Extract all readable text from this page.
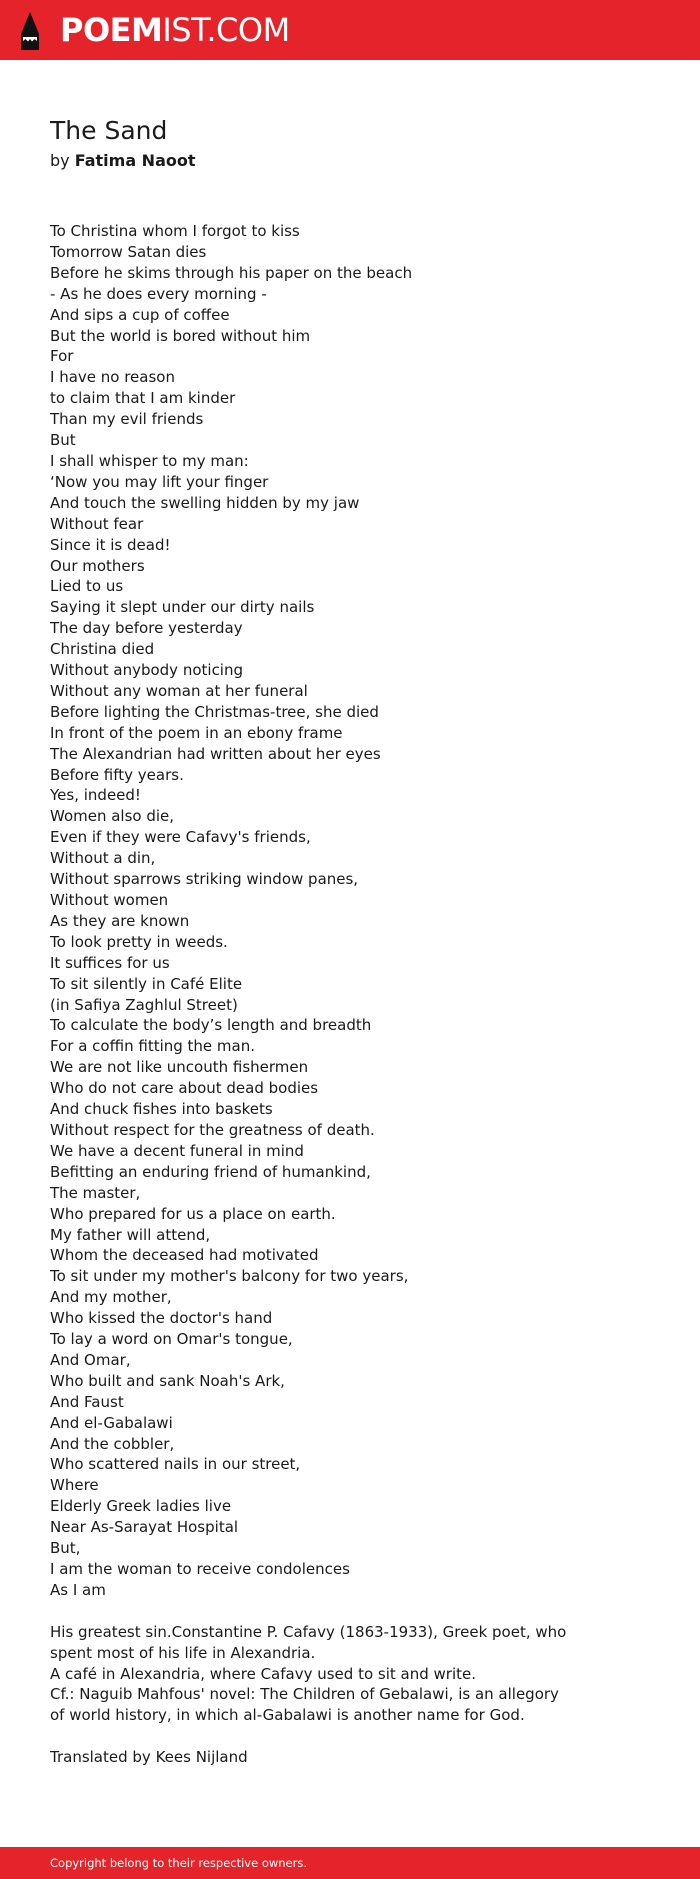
POEMIST.COM
The Sand
by Fatima Naoot
To Christina whom I forgot to kiss
Tomorrow Satan dies
Before he skims through his paper on the beach
- As he does every morning -
And sips a cup of coffee
But the world is bored without him
For
I have no reason
to claim that I am kinder
Than my evil friends
But
I shall whisper to my man:
‘Now you may lift your finger
And touch the swelling hidden by my jaw
Without fear
Since it is dead!
Our mothers
Lied to us
Saying it slept under our dirty nails
The day before yesterday
Christina died
Without anybody noticing
Without any woman at her funeral
Before lighting the Christmas-tree, she died
In front of the poem in an ebony frame
The Alexandrian had written about her eyes
Before fifty years.
Yes, indeed!
Women also die,
Even if they were Cafavy's friends,
Without a din,
Without sparrows striking window panes,
Without women
As they are known
To look pretty in weeds.
It suffices for us
To sit silently in Café Elite
(in Safiya Zaghlul Street)
To calculate the body’s length and breadth
For a coffin fitting the man.
We are not like uncouth fishermen
Who do not care about dead bodies
And chuck fishes into baskets
Without respect for the greatness of death.
We have a decent funeral in mind
Befitting an enduring friend of humankind,
The master,
Who prepared for us a place on earth.
My father will attend,
Whom the deceased had motivated
To sit under my mother's balcony for two years,
And my mother,
Who kissed the doctor's hand
To lay a word on Omar's tongue,
And Omar,
Who built and sank Noah's Ark,
And Faust
And el-Gabalawi
And the cobbler,
Who scattered nails in our street,
Where
Elderly Greek ladies live
Near As-Sarayat Hospital
But,
I am the woman to receive condolences
As I am
His greatest sin.Constantine P. Cafavy (1863-1933), Greek poet, who spent most of his life in Alexandria.
A café in Alexandria, where Cafavy used to sit and write.
Cf.: Naguib Mahfous' novel: The Children of Gebalawi, is an allegory of world history, in which al-Gabalawi is another name for God.
Translated by Kees Nijland
Copyright belong to their respective owners.
